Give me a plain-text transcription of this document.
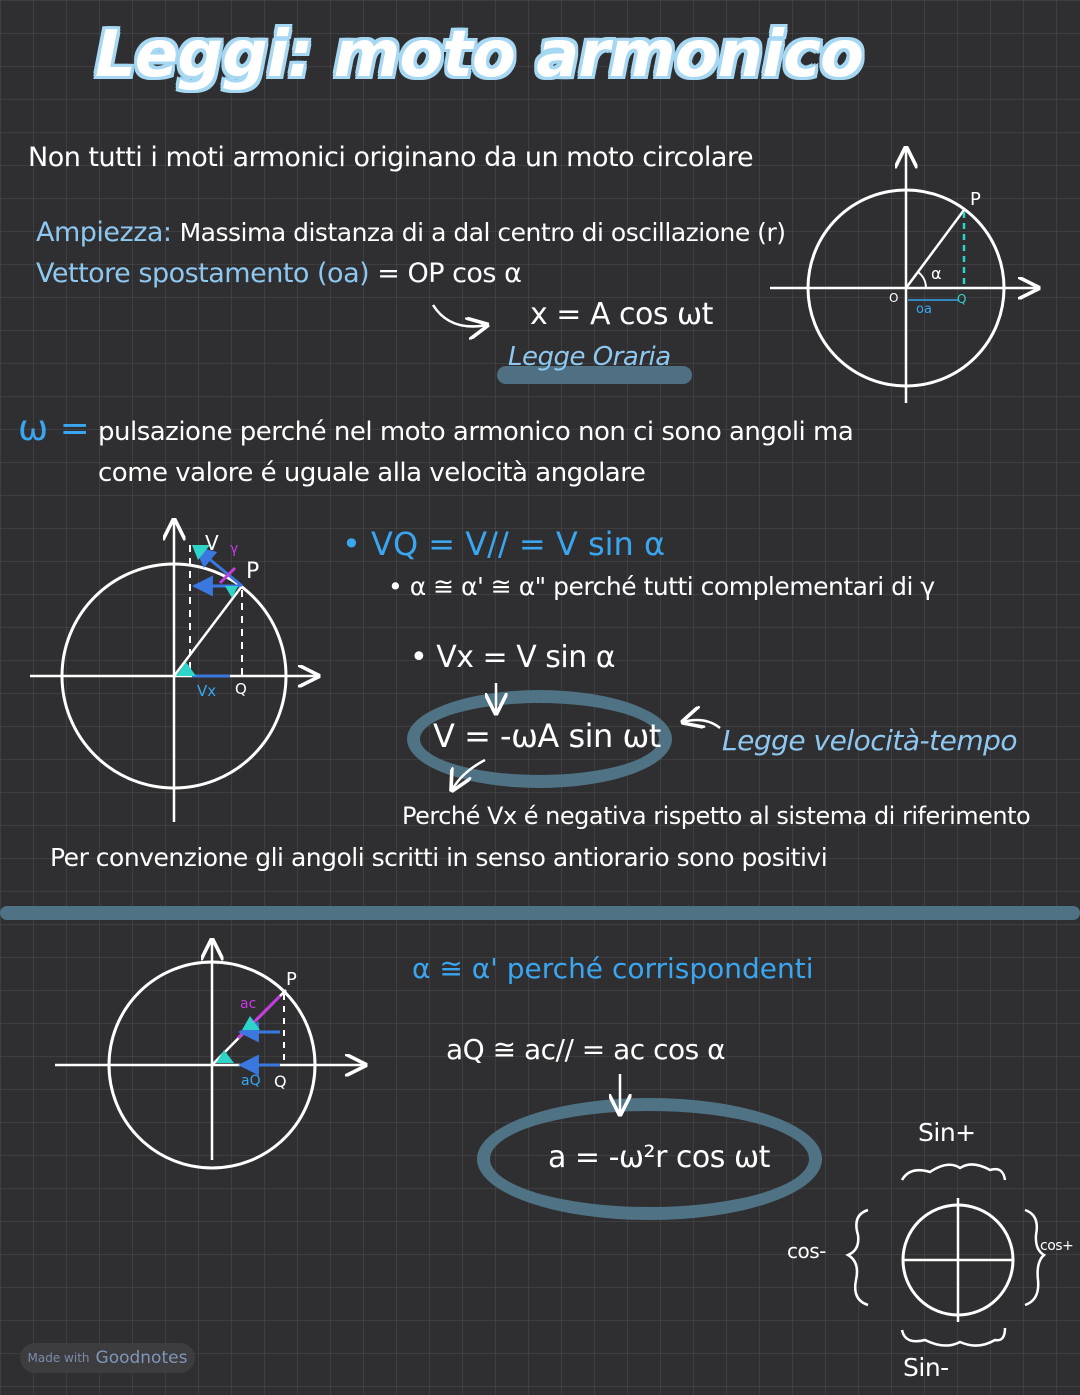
Leggi: moto armonico
Non tutti i moti armonici originano da un moto circolare
Ampiezza: Massima distanza di a dal centro di oscillazione (r)
Vettore spostamento (oa) = OP cos α
x = A cos ωt
Legge Oraria
ω = pulsazione perché nel moto armonico non ci sono angoli ma
come valore é uguale alla velocità angolare
• VQ = V// = V sin α
• α ≅ α' ≅ α" perché tutti complementari di γ
• Vx = V sin α
V = -ωA sin ωt Legge velocità-tempo
Perché Vx é negativa rispetto al sistema di riferimento
Per convenzione gli angoli scritti in senso antiorario sono positivi
α ≅ α' perché corrispondenti
aQ ≅ ac// = ac cos α
a = -ω²r cos ωt
Sin+
Sin-
cos+
cos-
α
P
O	Q
oa
V
P
γ
Vx Q
P
ac
aQ Q
Made with Goodnotes
